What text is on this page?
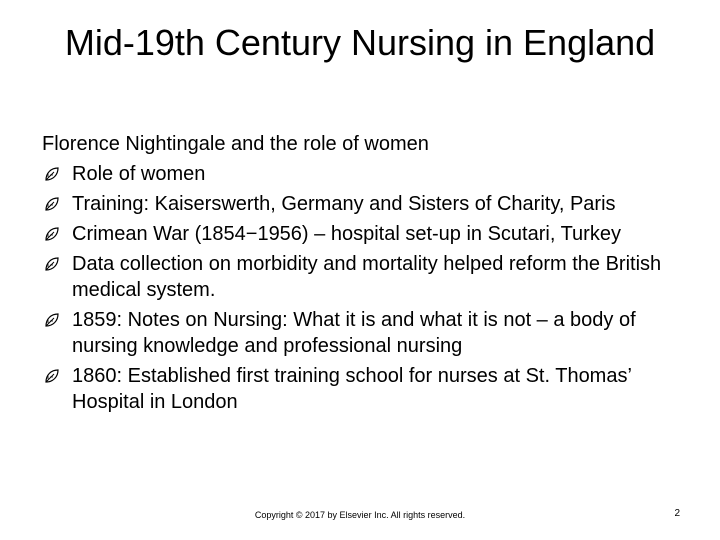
Mid-19th Century Nursing in England

Florence Nightingale and the role of women

Role of women
Training: Kaiserswerth, Germany and Sisters of Charity, Paris
Crimean War (1854−1956) – hospital set-up in Scutari, Turkey
Data collection on morbidity and mortality helped reform the British medical system.
1859: Notes on Nursing: What it is and what it is not – a body of nursing knowledge and professional nursing
1860: Established first training school for nurses at St. Thomas’ Hospital in London
Copyright © 2017 by Elsevier Inc. All rights reserved.	2
